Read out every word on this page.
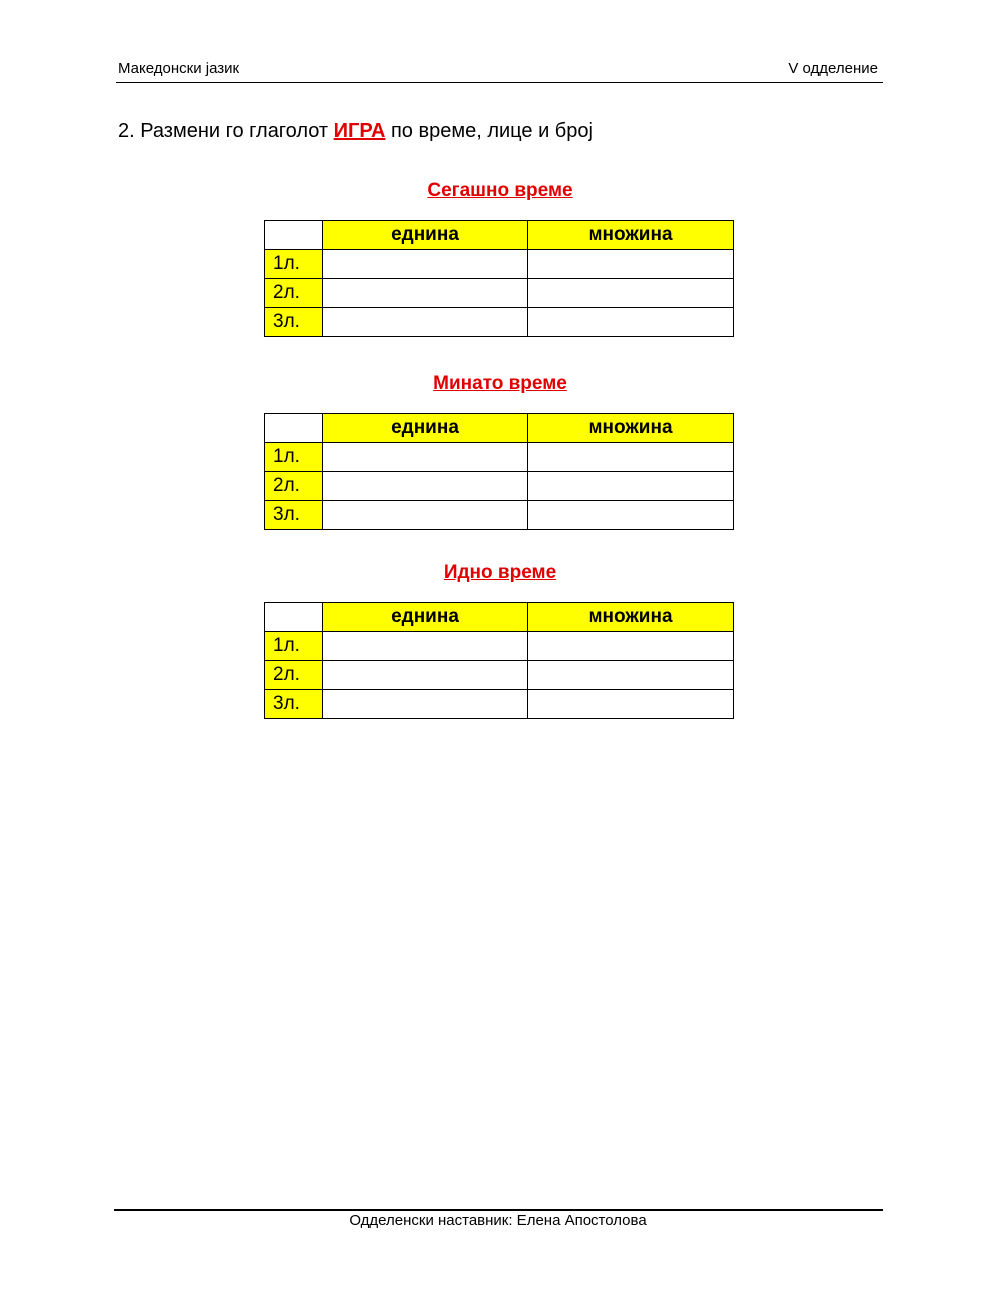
Македонски јазик	V одделение
2. Размени го глаголот ИГРА по време, лице и број
Сегашно време
	еднина	множина
1л.		
2л.		
3л.		
Минато време
	еднина	множина
1л.		
2л.		
3л.		
Идно време
	еднина	множина
1л.		
2л.		
3л.		
Одделенски наставник: Елена Апостолова
